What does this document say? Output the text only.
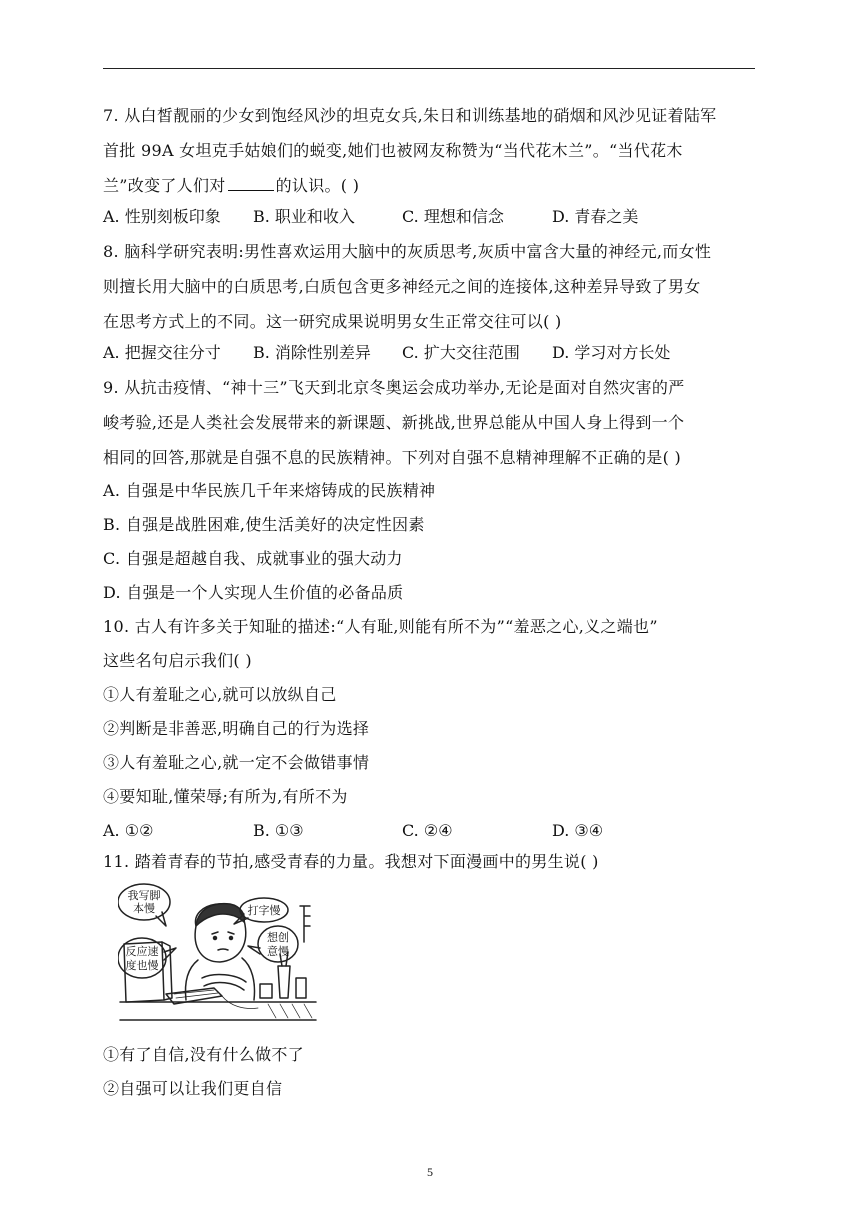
7. 从白皙靓丽的少女到饱经风沙的坦克女兵,朱日和训练基地的硝烟和风沙见证着陆军
首批 99A 女坦克手姑娘们的蜕变,她们也被网友称赞为“当代花木兰”。“当代花木
兰”改变了人们对	的认识。( )
A. 性别刻板印象 B. 职业和收入	C. 理想和信念	D. 青春之美
8. 脑科学研究表明:男性喜欢运用大脑中的灰质思考,灰质中富含大量的神经元,而女性
则擅长用大脑中的白质思考,白质包含更多神经元之间的连接体,这种差异导致了男女
在思考方式上的不同。这一研究成果说明男女生正常交往可以( )
A. 把握交往分寸 B. 消除性别差异 C. 扩大交往范围 D. 学习对方长处
9. 从抗击疫情、“神十三”飞天到北京冬奥运会成功举办,无论是面对自然灾害的严
峻考验,还是人类社会发展带来的新课题、新挑战,世界总能从中国人身上得到一个
相同的回答,那就是自强不息的民族精神。下列对自强不息精神理解不正确的是( )
A. 自强是中华民族几千年来熔铸成的民族精神
B. 自强是战胜困难,使生活美好的决定性因素
C. 自强是超越自我、成就事业的强大动力
D. 自强是一个人实现人生价值的必备品质
10. 古人有许多关于知耻的描述:“人有耻,则能有所不为”“羞恶之心,义之端也”
这些名句启示我们( )
①人有羞耻之心,就可以放纵自己
②判断是非善恶,明确自己的行为选择
③人有羞耻之心,就一定不会做错事情
④要知耻,懂荣辱;有所为,有所不为
A. ①②	B. ①③	C. ②④	D. ③④
11. 踏着青春的节拍,感受青春的力量。我想对下面漫画中的男生说( )
我写脚
本慢	打字慢
反应速
度也慢
想创
意慢
①有了自信,没有什么做不了
②自强可以让我们更自信
5
